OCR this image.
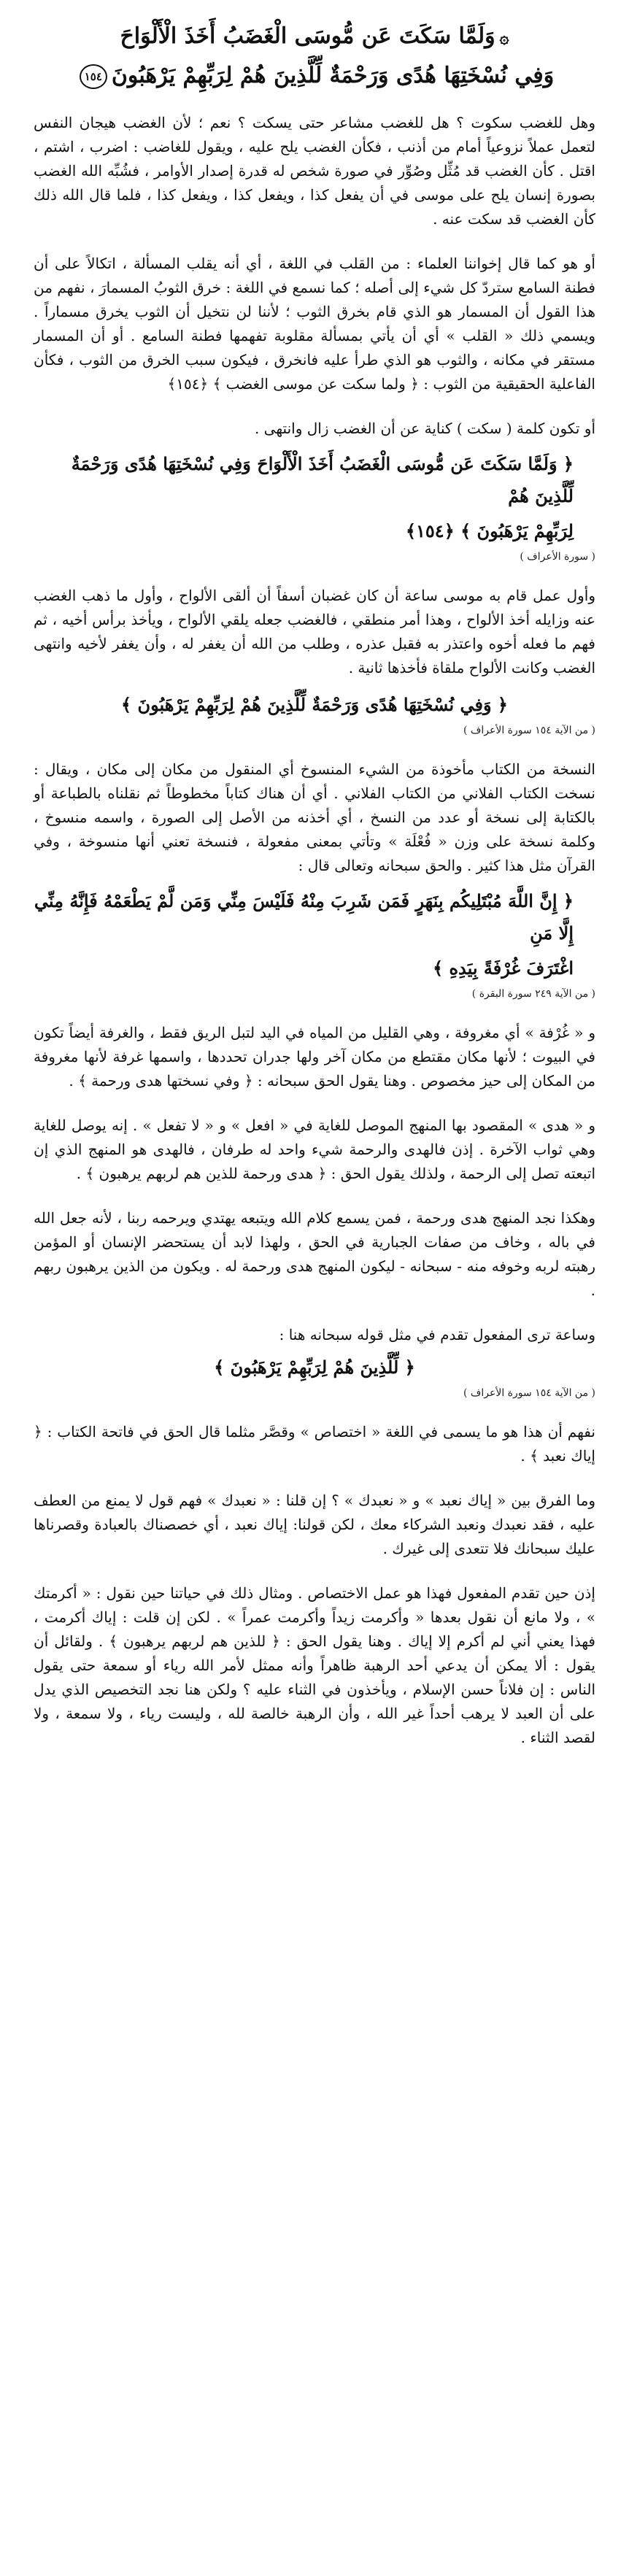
۞وَلَمَّا سَكَتَ عَن مُّوسَى الْغَضَبُ أَخَذَ الْأَلْوَاحَ
وَفِي نُسْخَتِهَا هُدًى وَرَحْمَةٌ لِّلَّذِينَ هُمْ لِرَبِّهِمْ يَرْهَبُونَ١٥٤

وهل للغضب سكوت ؟ هل للغضب مشاعر حتى يسكت ؟ نعم ؛ لأن الغضب هيجان النفس لتعمل عملاً نزوعياً أمام من أذنب ، فكأن الغضب يلح عليه ، ويقول للغاضب : اضرب ، اشتم ، اقتل . كأن الغضب قد مُثِّل وصُوِّر في صورة شخص له قدرة إصدار الأوامر ، فشُبِّه الله الغضب بصورة إنسان يلح على موسى في أن يفعل كذا ، ويفعل كذا ، ويفعل كذا ، فلما قال الله ذلك كأن الغضب قد سكت عنه .

أو هو كما قال إخواننا العلماء : من القلب في اللغة ، أي أنه يقلب المسألة ، اتكالاً على أن فطنة السامع ستردّ كل شيء إلى أصله ؛ كما نسمع في اللغة : خرق الثوبُ المسمارَ ، نفهم من هذا القول أن المسمار هو الذي قام بخرق الثوب ؛ لأننا لن نتخيل أن الثوب يخرق مسماراً . ويسمي ذلك « القلب » أي أن يأتي بمسألة مقلوبة تفهمها فطنة السامع . أو أن المسمار مستقر في مكانه ، والثوب هو الذي طرأ عليه فانخرق ، فيكون سبب الخرق من الثوب ، فكأن الفاعلية الحقيقية من الثوب : ﴿ ولما سكت عن موسى الغضب ﴾ ﴿١٥٤﴾

أو تكون كلمة ( سكت ) كناية عن أن الغضب زال وانتهى .

﴿ وَلَمَّا سَكَتَ عَن مُّوسَى الْغَضَبُ أَخَذَ الْأَلْوَاحَ وَفِي نُسْخَتِهَا هُدًى وَرَحْمَةٌ لِّلَّذِينَ هُمْ
لِرَبِّهِمْ يَرْهَبُونَ ﴾ ﴿١٥٤﴾
( سورة الأعراف )

وأول عمل قام به موسى ساعة أن كان غضبان أسفاً أن ألقى الألواح ، وأول ما ذهب الغضب عنه وزايله أخذ الألواح ، وهذا أمر منطقي ، فالغضب جعله يلقي الألواح ، ويأخذ برأس أخيه ، ثم فهم ما فعله أخوه واعتذر به فقبل عذره ، وطلب من الله أن يغفر له ، وأن يغفر لأخيه وانتهى الغضب وكانت الألواح ملقاة فأخذها ثانية .

﴿ وَفِي نُسْخَتِهَا هُدًى وَرَحْمَةٌ لِّلَّذِينَ هُمْ لِرَبِّهِمْ يَرْهَبُونَ ﴾
( من الآية ١٥٤ سورة الأعراف )

النسخة من الكتاب مأخوذة من الشيء المنسوخ أي المنقول من مكان إلى مكان ، ويقال : نسخت الكتاب الفلاني من الكتاب الفلاني . أي أن هناك كتاباً مخطوطاً ثم نقلناه بالطباعة أو بالكتابة إلى نسخة أو عدد من النسخ ، أي أخذنه من الأصل إلى الصورة ، واسمه منسوخ ، وكلمة نسخة على وزن « فُعْلَة » وتأتي بمعنى مفعولة ، فنسخة تعني أنها منسوخة ، وفي القرآن مثل هذا كثير . والحق سبحانه وتعالى قال :

﴿ إِنَّ اللَّهَ مُبْتَلِيكُم بِنَهَرٍ فَمَن شَرِبَ مِنْهُ فَلَيْسَ مِنِّي وَمَن لَّمْ يَطْعَمْهُ فَإِنَّهُ مِنِّي إِلَّا مَنِ
اغْتَرَفَ غُرْفَةً بِيَدِهِ ﴾
( من الآية ٢٤٩ سورة البقرة )

و « غُرْفة » أي مغروفة ، وهي القليل من المياه في اليد لتبل الريق فقط ، والغرفة أيضاً تكون في البيوت ؛ لأنها مكان مقتطع من مكان آخر ولها جدران تحددها ، واسمها غرفة لأنها مغروفة من المكان إلى حيز مخصوص . وهنا يقول الحق سبحانه : ﴿ وفي نسختها هدى ورحمة ﴾ .

و « هدى » المقصود بها المنهج الموصل للغاية في « افعل » و « لا تفعل » . إنه يوصل للغاية وهي ثواب الآخرة . إذن فالهدى والرحمة شيء واحد له طرفان ، فالهدى هو المنهج الذي إن اتبعته تصل إلى الرحمة ، ولذلك يقول الحق : ﴿ هدى ورحمة للذين هم لربهم يرهبون ﴾ .

وهكذا نجد المنهج هدى ورحمة ، فمن يسمع كلام الله ويتبعه يهتدي ويرحمه ربنا ، لأنه جعل الله في باله ، وخاف من صفات الجبارية في الحق ، ولهذا لابد أن يستحضر الإنسان أو المؤمن رهبته لربه وخوفه منه - سبحانه - ليكون المنهج هدى ورحمة له . ويكون من الذين يرهبون ربهم .

وساعة ترى المفعول تقدم في مثل قوله سبحانه هنا :

﴿ لِّلَّذِينَ هُمْ لِرَبِّهِمْ يَرْهَبُونَ ﴾
( من الآية ١٥٤ سورة الأعراف )

نفهم أن هذا هو ما يسمى في اللغة « اختصاص » وقصَّر مثلما قال الحق في فاتحة الكتاب : ﴿ إياك نعبد ﴾ .

وما الفرق بين « إياك نعبد » و « نعبدك » ؟ إن قلنا : « نعبدك » فهم قول لا يمنع من العطف عليه ، فقد نعبدك ونعبد الشركاء معك ، لكن قولنا: إياك نعبد ، أي خصصناك بالعبادة وقصرناها عليك سبحانك فلا تتعدى إلى غيرك .

إذن حين تقدم المفعول فهذا هو عمل الاختصاص . ومثال ذلك في حياتنا حين نقول : « أكرمتك » ، ولا مانع أن نقول بعدها « وأكرمت زيداً وأكرمت عمراً » . لكن إن قلت : إياك أكرمت ، فهذا يعني أني لم أكرم إلا إياك . وهنا يقول الحق : ﴿ للذين هم لربهم يرهبون ﴾ . ولقائل أن يقول : ألا يمكن أن يدعي أحد الرهبة ظاهراً وأنه ممثل لأمر الله رياء أو سمعة حتى يقول الناس : إن فلاناً حسن الإسلام ، ويأخذون في الثناء عليه ؟ ولكن هنا نجد التخصيص الذي يدل على أن العبد لا يرهب أحداً غير الله ، وأن الرهبة خالصة لله ، وليست رياء ، ولا سمعة ، ولا لقصد الثناء .
